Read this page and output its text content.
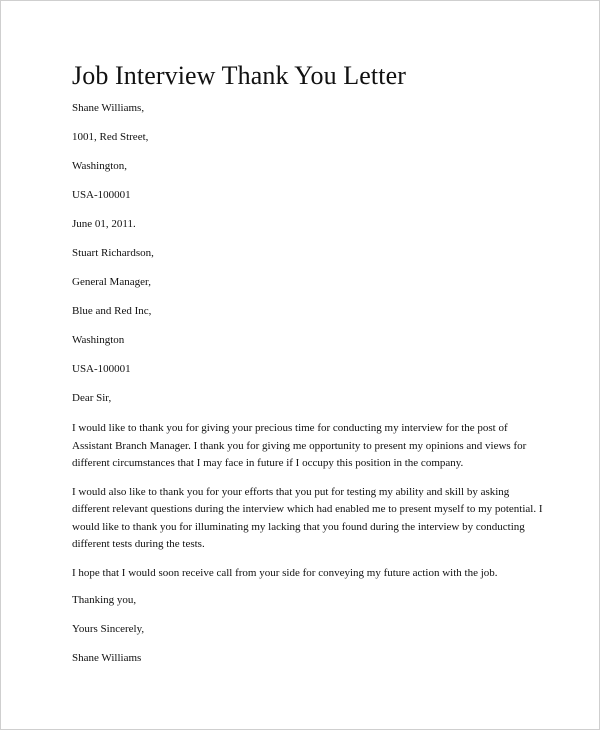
Job Interview Thank You Letter
Shane Williams,
1001, Red Street,
Washington,
USA-100001
June 01, 2011.
Stuart Richardson,
General Manager,
Blue and Red Inc,
Washington
USA-100001
Dear Sir,

I would like to thank you for giving your precious time for conducting my interview for the post of Assistant Branch Manager. I thank you for giving me opportunity to present my opinions and views for different circumstances that I may face in future if I occupy this position in the company.

I would also like to thank you for your efforts that you put for testing my ability and skill by asking different relevant questions during the interview which had enabled me to present myself to my potential. I would like to thank you for illuminating my lacking that you found during the interview by conducting different tests during the tests.

I hope that I would soon receive call from your side for conveying my future action with the job.

Thanking you,
Yours Sincerely,
Shane Williams
